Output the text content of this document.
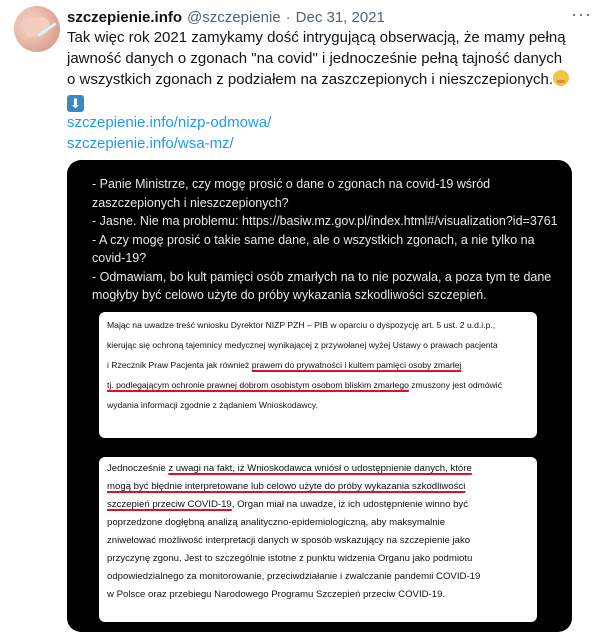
szczepienie.info @szczepienie · Dec 31, 2021	···
Tak więc rok 2021 zamykamy dość intrygującą obserwacją, że mamy pełną
jawność danych o zgonach "na covid" i jednocześnie pełną tajność danych
o wszystkich zgonach z podziałem na zaszczepionych i nieszczepionych.
⬇
szczepienie.info/nizp-odmowa/
szczepienie.info/wsa-mz/
- Panie Ministrze, czy mogę prosić o dane o zgonach na covid-19 wśród
zaszczepionych i nieszczepionych?
- Jasne. Nie ma problemu: https://basiw.mz.gov.pl/index.html#/visualization?id=3761
- A czy mogę prosić o takie same dane, ale o wszystkich zgonach, a nie tylko na
covid-19?
- Odmawiam, bo kult pamięci osób zmarłych na to nie pozwala, a poza tym te dane
mogłyby być celowo użyte do próby wykazania szkodliwości szczepień.
Mając na uwadze treść wniosku Dyrektor NIZP PZH – PIB w oparciu o dyspozycję art. 5 ust. 2 u.d.i.p.,
kierując się ochroną tajemnicy medycznej wynikającej z przywołanej wyżej Ustawy o prawach pacjenta
i Rzecznik Praw Pacjenta jak również prawem do prywatności i kultem pamięci osoby zmarłej
tj. podlegającym ochronie prawnej dobrom osobistym osobom bliskim zmarłego zmuszony jest odmówić
wydania informacji zgodnie z żądaniem Wnioskodawcy.
Jednocześnie z uwagi na fakt, iż Wnioskodawca wniósł o udostępnienie danych, które
mogą być błędnie interpretowane lub celowo użyte do próby wykazania szkodliwości
szczepień przeciw COVID-19, Organ miał na uwadze, iż ich udostępnienie winno być
poprzedzone dogłębną analizą analityczno-epidemiologiczną, aby maksymalnie
zniwelować możliwość interpretacji danych w sposób wskazujący na szczepienie jako
przyczynę zgonu. Jest to szczególnie istotne z punktu widzenia Organu jako podmiotu
odpowiedzialnego za monitorowanie, przeciwdziałanie i zwalczanie pandemii COVID-19
w Polsce oraz przebiegu Narodowego Programu Szczepień przeciw COVID-19.
